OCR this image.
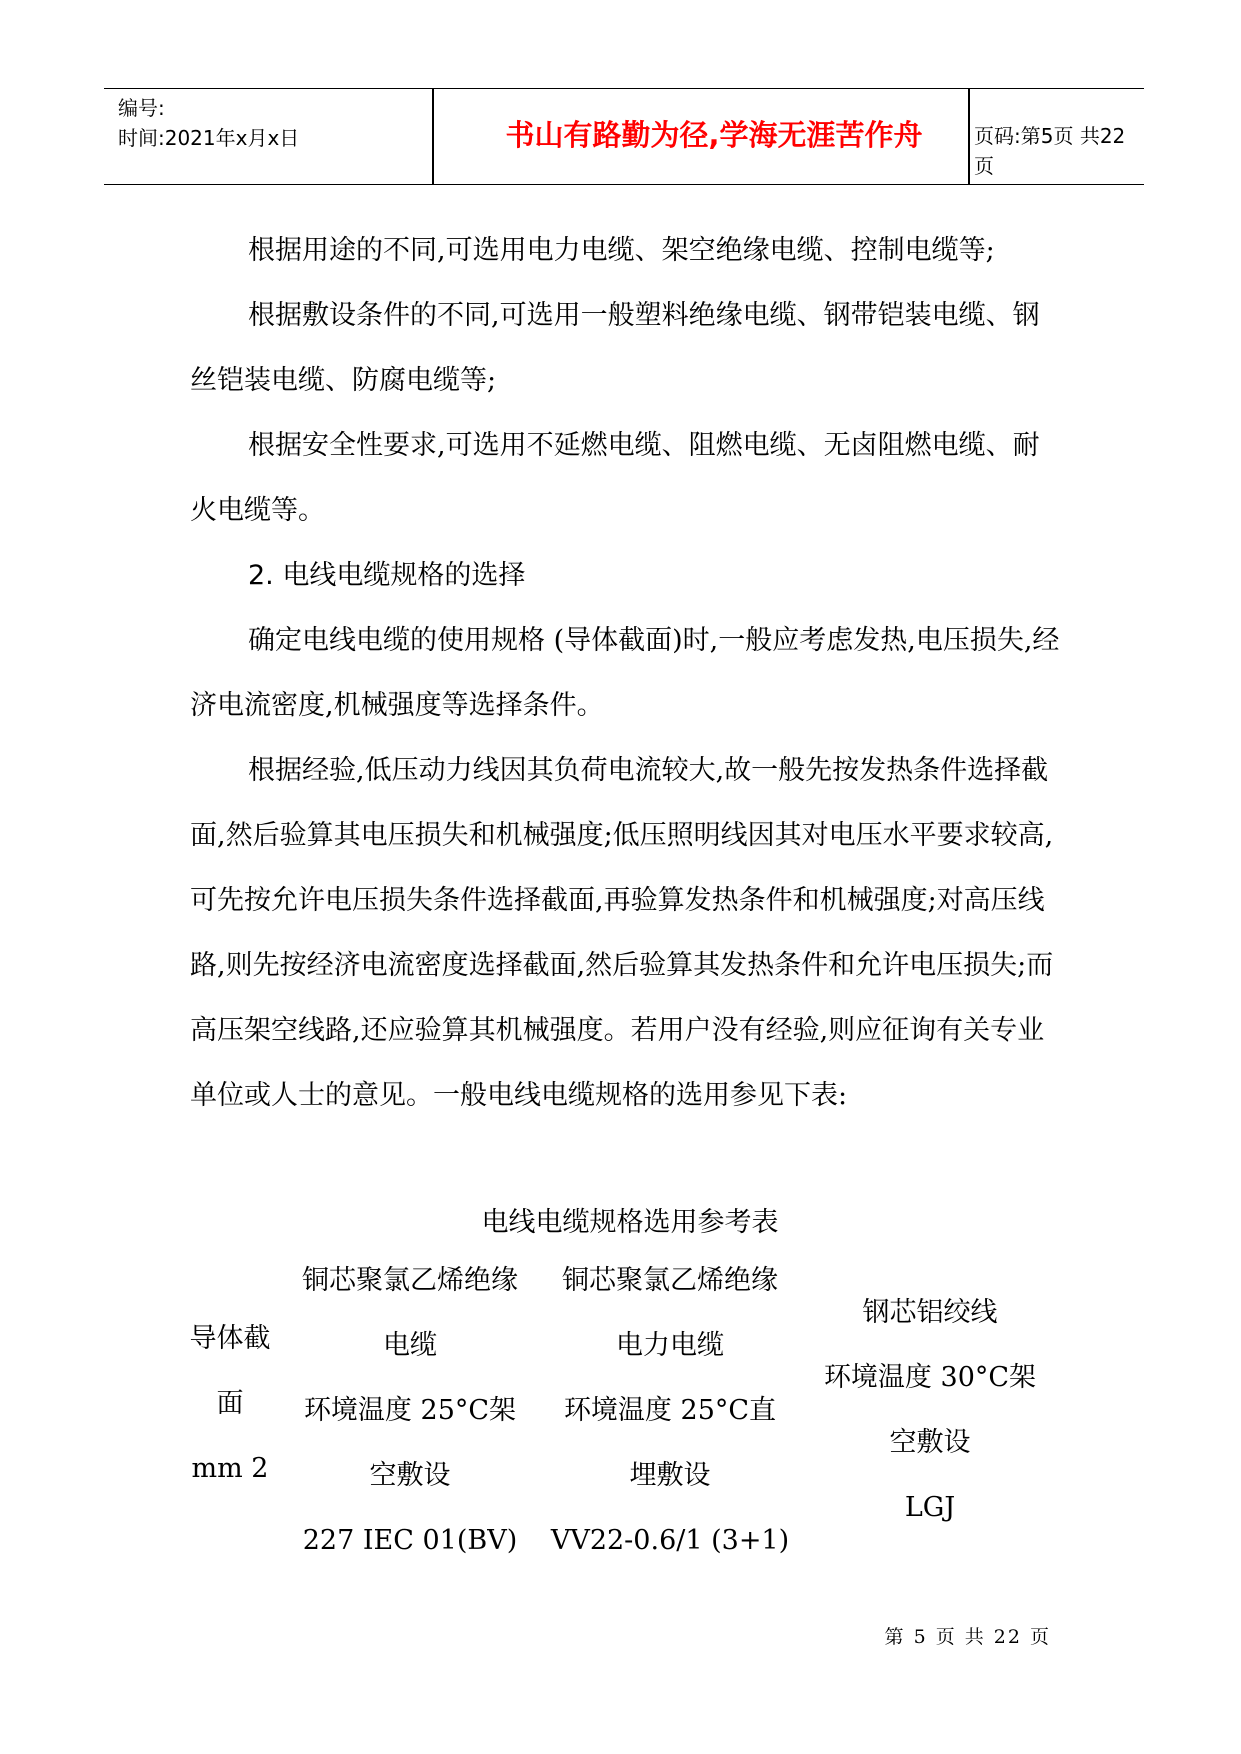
编号:
时间:2021年x月x日	书山有路勤为径,学海无涯苦作舟	页码:第5页 共22页

根据用途的不同,可选用电力电缆、架空绝缘电缆、控制电缆等;

根据敷设条件的不同,可选用一般塑料绝缘电缆、钢带铠装电缆、钢丝铠装电缆、防腐电缆等;

根据安全性要求,可选用不延燃电缆、阻燃电缆、无卤阻燃电缆、耐火电缆等。

2. 电线电缆规格的选择

确定电线电缆的使用规格 (导体截面)时,一般应考虑发热,电压损失,经济电流密度,机械强度等选择条件。

根据经验,低压动力线因其负荷电流较大,故一般先按发热条件选择截面,然后验算其电压损失和机械强度;低压照明线因其对电压水平要求较高,可先按允许电压损失条件选择截面,再验算发热条件和机械强度;对高压线路,则先按经济电流密度选择截面,然后验算其发热条件和允许电压损失;而高压架空线路,还应验算其机械强度。若用户没有经验,则应征询有关专业单位或人士的意见。一般电线电缆规格的选用参见下表:

电线电缆规格选用参考表
导体截
面
mm 2
铜芯聚氯乙烯绝缘
电缆
环境温度 25°C架
空敷设
227 IEC 01(BV)
铜芯聚氯乙烯绝缘
电力电缆
环境温度 25°C直
埋敷设
VV22-0.6/1 (3+1)
钢芯铝绞线
环境温度 30°C架
空敷设
LGJ
第 5 页 共 22 页
